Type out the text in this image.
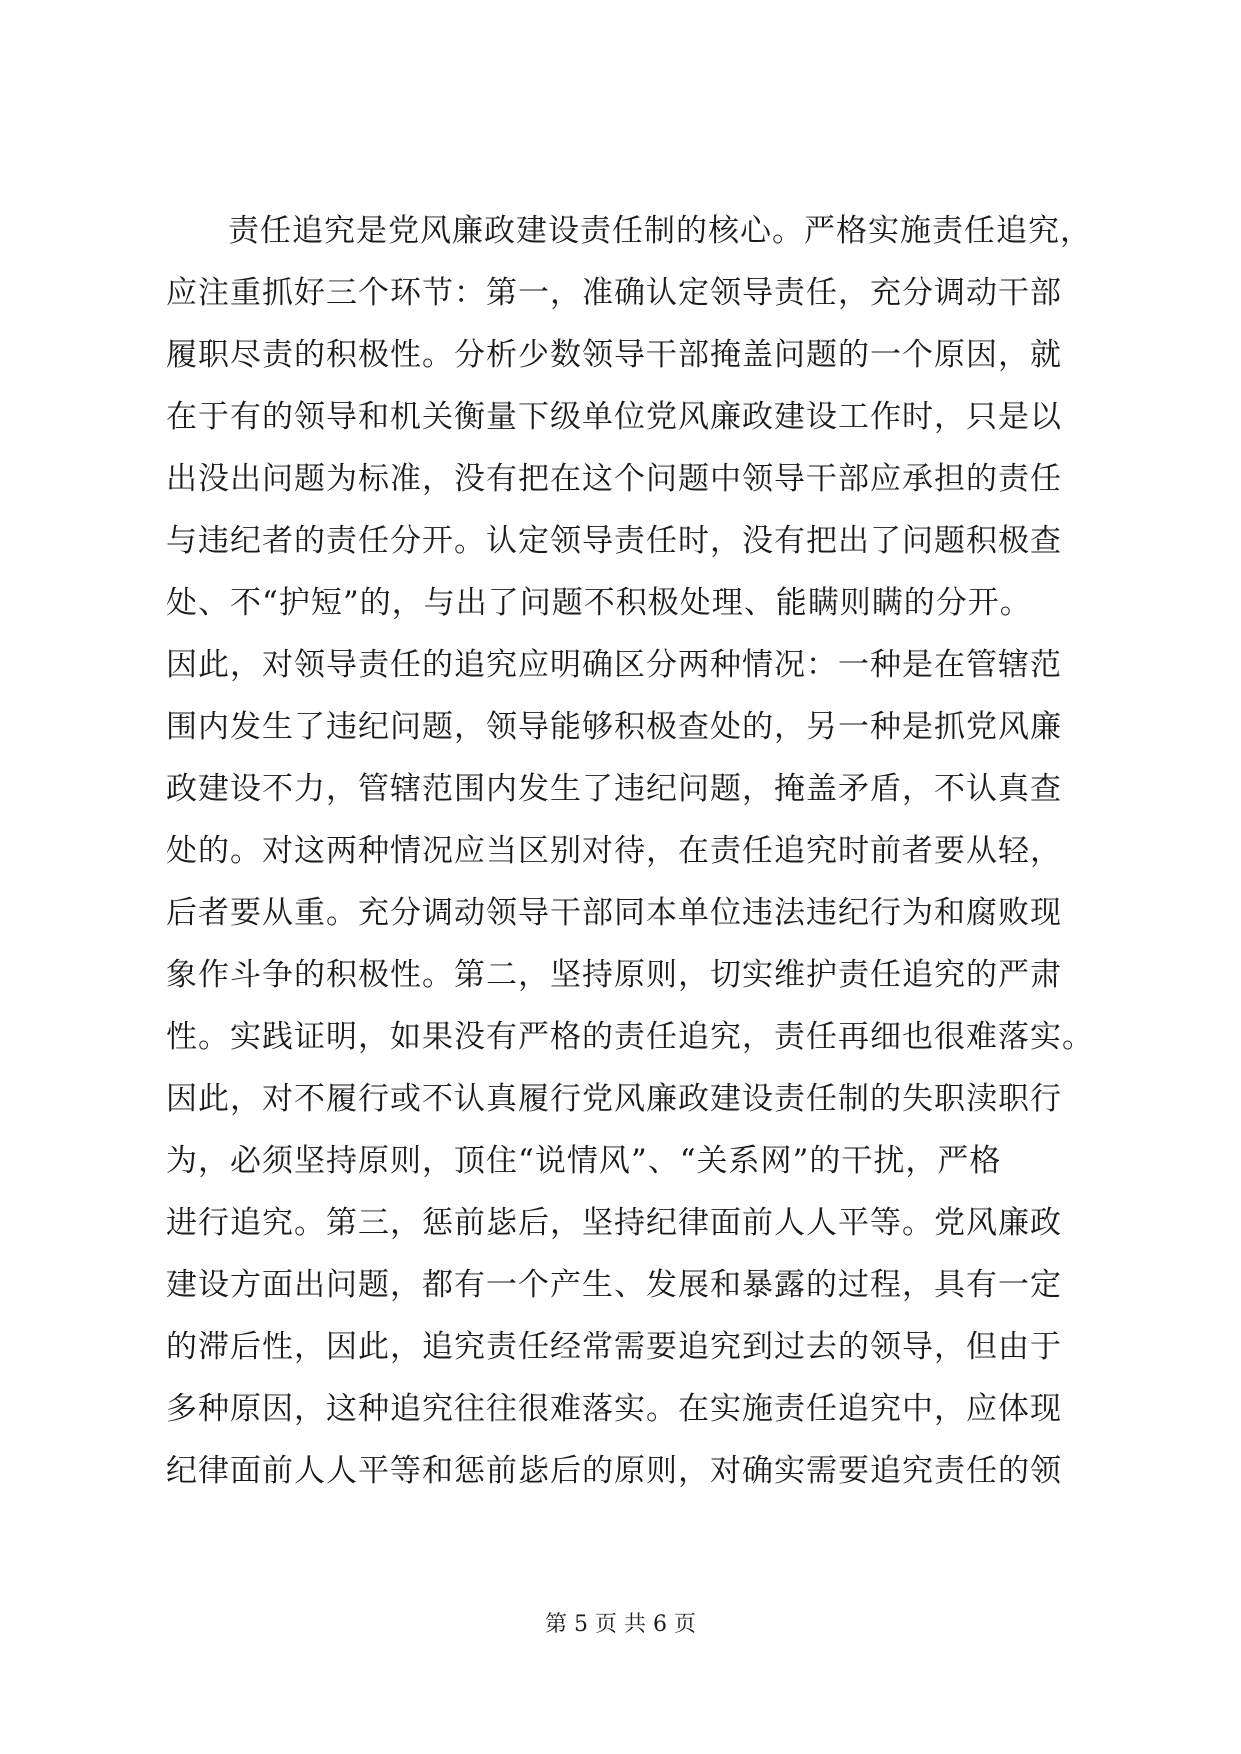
责任追究是党风廉政建设责任制的核心。严格实施责任追究，
应注重抓好三个环节：第一，准确认定领导责任，充分调动干部
履职尽责的积极性。分析少数领导干部掩盖问题的一个原因，就
在于有的领导和机关衡量下级单位党风廉政建设工作时，只是以
出没出问题为标准，没有把在这个问题中领导干部应承担的责任
与违纪者的责任分开。认定领导责任时，没有把出了问题积极查
处、不“护短”的，与出了问题不积极处理、能瞒则瞒的分开。
因此，对领导责任的追究应明确区分两种情况：一种是在管辖范
围内发生了违纪问题，领导能够积极查处的，另一种是抓党风廉
政建设不力，管辖范围内发生了违纪问题，掩盖矛盾，不认真查
处的。对这两种情况应当区别对待，在责任追究时前者要从轻，
后者要从重。充分调动领导干部同本单位违法违纪行为和腐败现
象作斗争的积极性。第二，坚持原则，切实维护责任追究的严肃
性。实践证明，如果没有严格的责任追究，责任再细也很难落实。
因此，对不履行或不认真履行党风廉政建设责任制的失职渎职行
为，必须坚持原则，顶住“说情风”、“关系网”的干扰，严格
进行追究。第三，惩前毖后，坚持纪律面前人人平等。党风廉政
建设方面出问题，都有一个产生、发展和暴露的过程，具有一定
的滞后性，因此，追究责任经常需要追究到过去的领导，但由于
多种原因，这种追究往往很难落实。在实施责任追究中，应体现
纪律面前人人平等和惩前毖后的原则，对确实需要追究责任的领
第 5 页 共 6 页
